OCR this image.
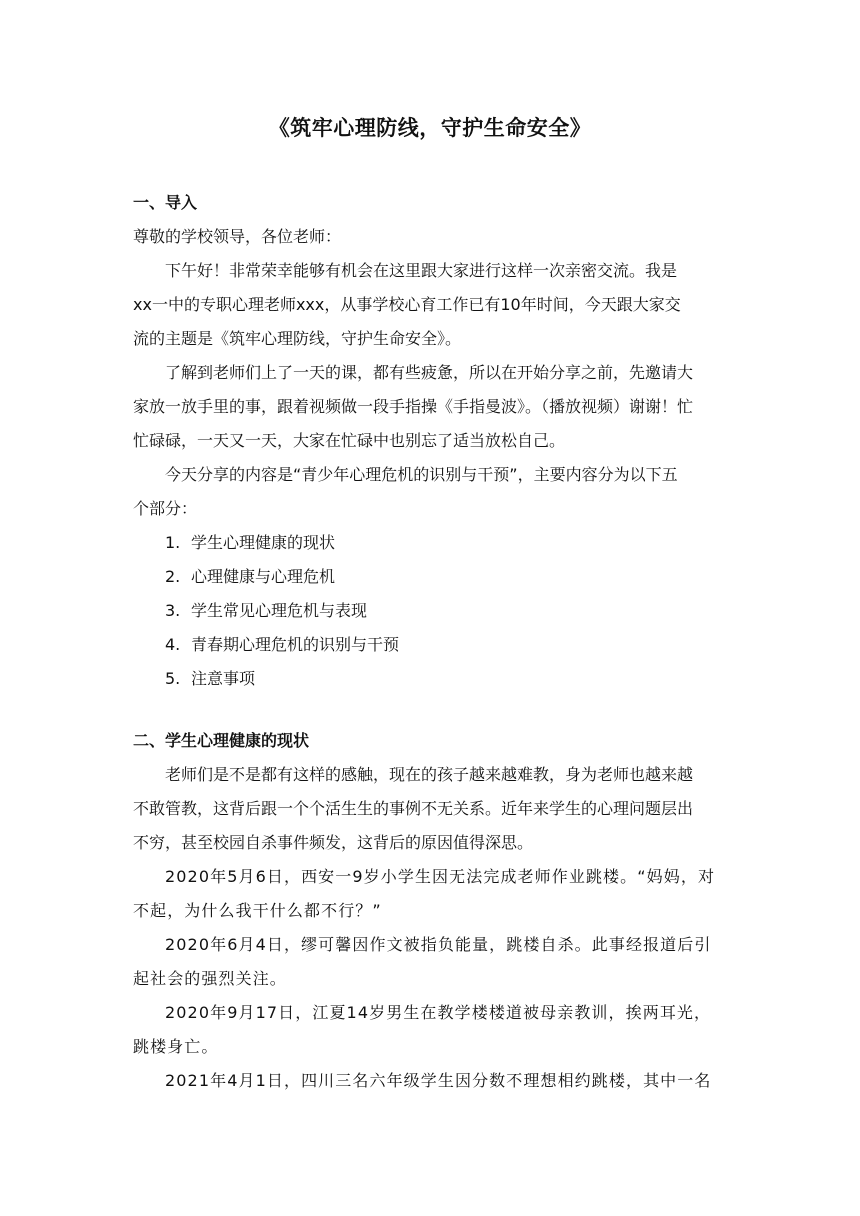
《筑牢心理防线，守护生命安全》

一、导入

尊敬的学校领导，各位老师：

下午好！非常荣幸能够有机会在这里跟大家进行这样一次亲密交流。我是

xx一中的专职心理老师xxx，从事学校心育工作已有10年时间，今天跟大家交

流的主题是《筑牢心理防线，守护生命安全》。

了解到老师们上了一天的课，都有些疲惫，所以在开始分享之前，先邀请大

家放一放手里的事，跟着视频做一段手指操《手指曼波》。（播放视频）谢谢！忙

忙碌碌，一天又一天，大家在忙碌中也别忘了适当放松自己。

今天分享的内容是“青少年心理危机的识别与干预”，主要内容分为以下五

个部分：

1. 学生心理健康的现状
2. 心理健康与心理危机
3. 学生常见心理危机与表现
4. 青春期心理危机的识别与干预
5. 注意事项

二、学生心理健康的现状

老师们是不是都有这样的感触，现在的孩子越来越难教，身为老师也越来越

不敢管教，这背后跟一个个活生生的事例不无关系。近年来学生的心理问题层出

不穷，甚至校园自杀事件频发，这背后的原因值得深思。

2020年5月6日，西安一9岁小学生因无法完成老师作业跳楼。“妈妈，对

不起，为什么我干什么都不行？”

2020年6月4日，缪可馨因作文被指负能量，跳楼自杀。此事经报道后引

起社会的强烈关注。

2020年9月17日，江夏14岁男生在教学楼楼道被母亲教训，挨两耳光，

跳楼身亡。

2021年4月1日，四川三名六年级学生因分数不理想相约跳楼，其中一名
